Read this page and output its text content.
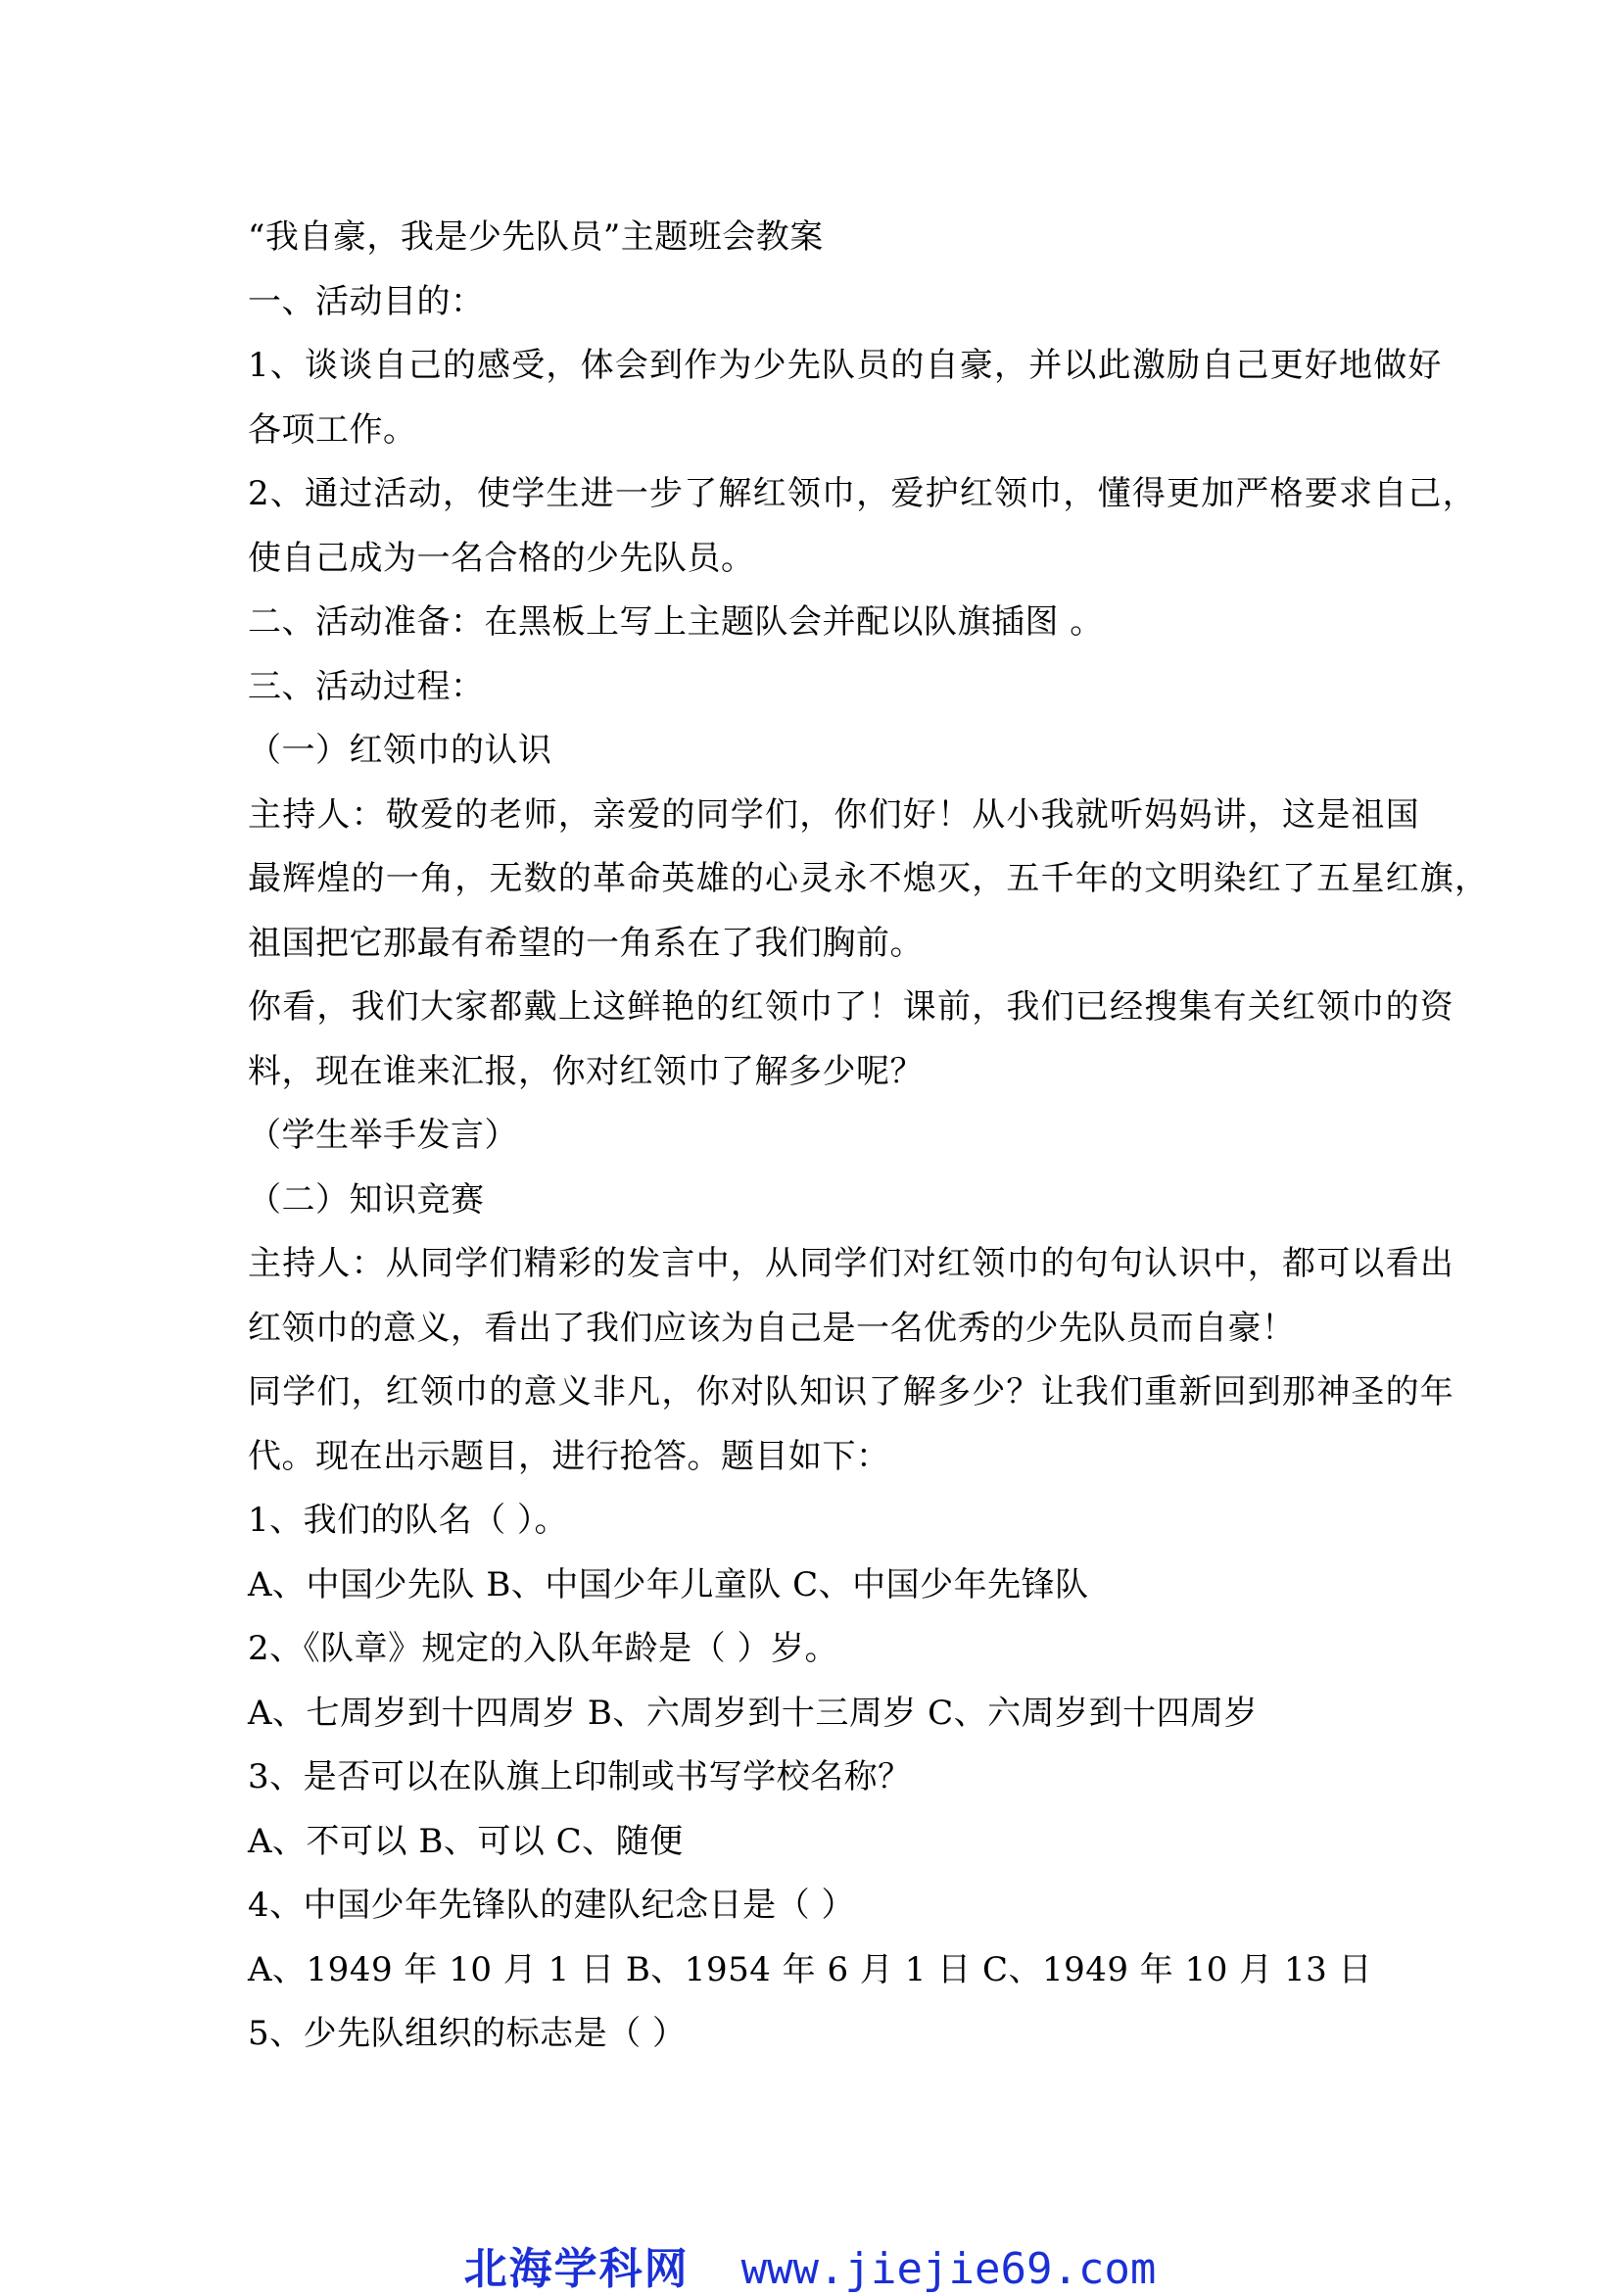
“我自豪，我是少先队员”主题班会教案
一、活动目的：
1、谈谈自己的感受，体会到作为少先队员的自豪，并以此激励自己更好地做好
各项工作。
2、通过活动，使学生进一步了解红领巾，爱护红领巾，懂得更加严格要求自己，
使自己成为一名合格的少先队员。
二、活动准备：在黑板上写上主题队会并配以队旗插图 。
三、活动过程：
（一）红领巾的认识
主持人：敬爱的老师，亲爱的同学们，你们好！从小我就听妈妈讲，这是祖国
最辉煌的一角，无数的革命英雄的心灵永不熄灭，五千年的文明染红了五星红旗，
祖国把它那最有希望的一角系在了我们胸前。
你看，我们大家都戴上这鲜艳的红领巾了！课前，我们已经搜集有关红领巾的资
料，现在谁来汇报，你对红领巾了解多少呢？
（学生举手发言）
（二）知识竞赛
主持人：从同学们精彩的发言中，从同学们对红领巾的句句认识中，都可以看出
红领巾的意义，看出了我们应该为自己是一名优秀的少先队员而自豪！
同学们，红领巾的意义非凡，你对队知识了解多少？让我们重新回到那神圣的年
代。现在出示题目，进行抢答。题目如下：
1、我们的队名（ ）。
A、中国少先队 B、中国少年儿童队 C、中国少年先锋队
2、《队章》规定的入队年龄是（ ）岁。
A、七周岁到十四周岁 B、六周岁到十三周岁 C、六周岁到十四周岁
3、是否可以在队旗上印制或书写学校名称？
A、不可以 B、可以 C、随便
4、中国少年先锋队的建队纪念日是（ ）
A、1949 年 10 月 1 日 B、1954 年 6 月 1 日 C、1949 年 10 月 13 日
5、少先队组织的标志是（ ）
北海学科网 www.jiejie69.com
